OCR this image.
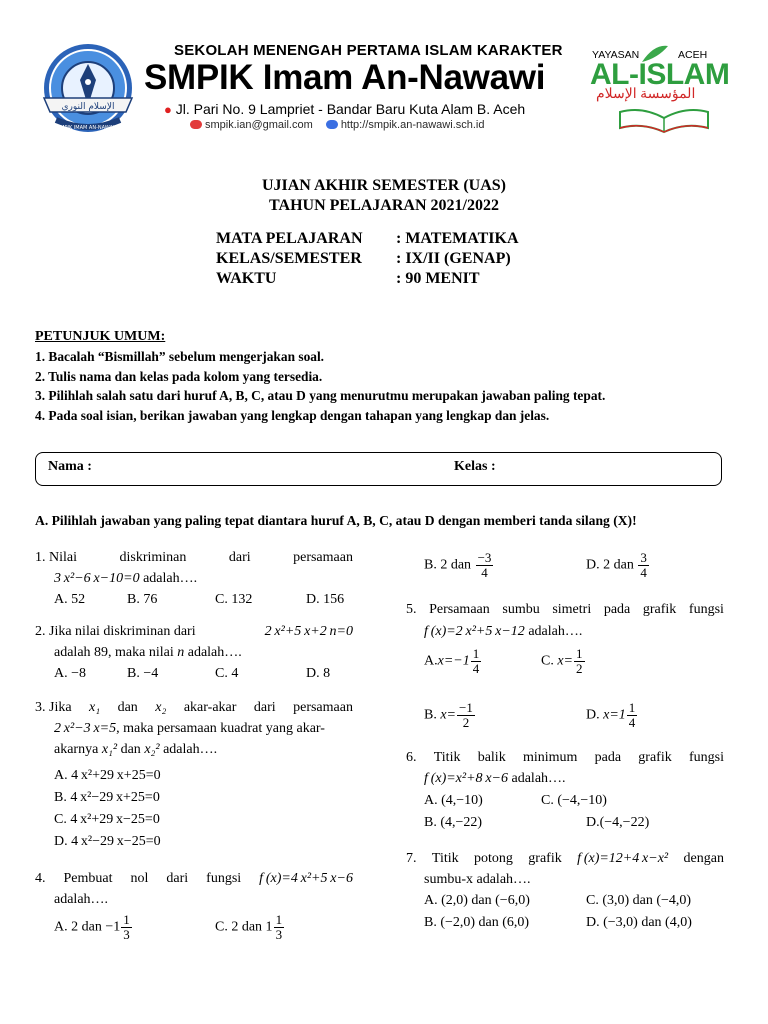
الإسلام النوري
SMPIK IMAM AN-NAWAWI
SEKOLAH MENENGAH PERTAMA ISLAM KARAKTER
SMPIK Imam An-Nawawi
● Jl. Pari No. 9 Lampriet - Bandar Baru Kuta Alam B. Aceh
smpik.ian@gmail.com	http://smpik.an-nawawi.sch.id
YAYASAN	ACEH
AL-ISLAM
المؤسسة الإسلام
UJIAN AKHIR SEMESTER (UAS)
TAHUN PELAJARAN 2021/2022
MATA PELAJARAN : MATEMATIKA
KELAS/SEMESTER : IX/II (GENAP)
WAKTU	: 90 MENIT
PETUNJUK UMUM:
1. Bacalah “Bismillah” sebelum mengerjakan soal.
2. Tulis nama dan kelas pada kolom yang tersedia.
3. Pilihlah salah satu dari huruf A, B, C, atau D yang menurutmu merupakan jawaban paling tepat.
4. Pada soal isian, berikan jawaban yang lengkap dengan tahapan yang lengkap dan jelas.
Nama :	Kelas :
A. Pilihlah jawaban yang paling tepat diantara huruf A, B, C, atau D dengan memberi tanda silang (X)!
1. Nilai	diskriminan	dari	persamaan
3 x²−6 x−10=0 adalah….
A. 52	B. 76	C. 132	D. 156
2. Jika nilai diskriminan dari	2 x²+5 x+2 n=0
adalah 89, maka nilai n adalah….
A. −8	B. −4	C. 4	D. 8
3. Jika x₁ dan x₂ akar-akar dari persamaan
2 x²−3 x=5, maka persamaan kuadrat yang akar-
akarnya x₁² dan x₂² adalah….
A. 4 x²+29 x+25=0
B. 4 x²−29 x+25=0
C. 4 x²+29 x−25=0
D. 4 x²−29 x−25=0
4. Pembuat nol dari fungsi f (x)=4 x²+5 x−6
adalah….
A. 2 dan $-1 \frac{1}{3}$	C. 2 dan $1 \frac{1}{3}$
B. 2 dan $\frac{-3}{4}$	D. 2 dan $\frac{3}{4}$
5. Persamaan sumbu simetri pada grafik fungsi
f (x)=2 x²+5 x−12 adalah….
$A.x=-1 \frac{1}{4}$	C. $x= \frac{1}{2}$
B. $x= \frac{-1}{2}$	D. $x=1 \frac{1}{4}$
6. Titik balik minimum pada grafik fungsi
f (x)=x²+8 x−6 adalah….
A. (4,−10)	C. (−4,−10)
B. (4,−22)	D.(−4,−22)
7. Titik potong grafik f (x)=12+4 x−x² dengan
sumbu-x adalah….
A. (2,0) dan (−6,0)	C. (3,0) dan (−4,0)
B. (−2,0) dan (6,0)	D. (−3,0) dan (4,0)
